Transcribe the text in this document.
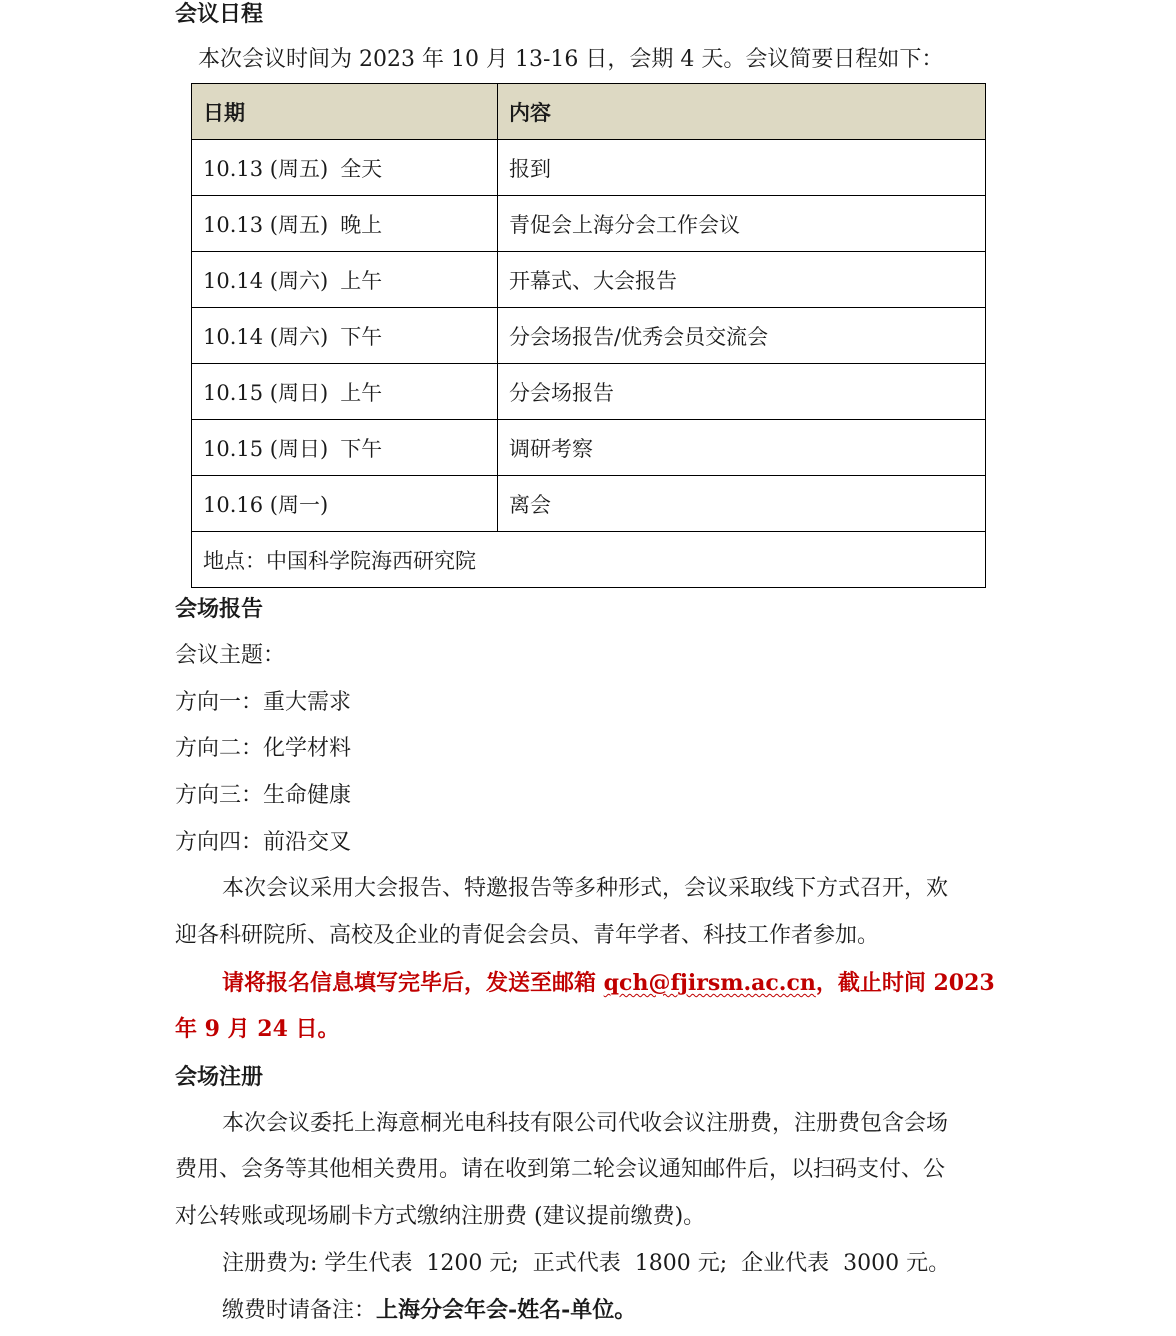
会议日程

本次会议时间为 2023 年 10 月 13-16 日，会期 4 天。会议简要日程如下：

日期	内容
10.13 (周五) 全天	报到
10.13 (周五) 晚上	青促会上海分会工作会议
10.14 (周六) 上午	开幕式、大会报告
10.14 (周六) 下午	分会场报告/优秀会员交流会
10.15 (周日) 上午	分会场报告
10.15 (周日) 下午	调研考察
10.16 (周一)	离会
地点：中国科学院海西研究院	
会场报告

会议主题：

方向一：重大需求

方向二：化学材料

方向三：生命健康

方向四：前沿交叉

本次会议采用大会报告、特邀报告等多种形式，会议采取线下方式召开，欢

迎各科研院所、高校及企业的青促会会员、青年学者、科技工作者参加。

请将报名信息填写完毕后，发送至邮箱 qch@fjirsm.ac.cn，截止时间 2023

年 9 月 24 日。

会场注册

本次会议委托上海意桐光电科技有限公司代收会议注册费，注册费包含会场

费用、会务等其他相关费用。请在收到第二轮会议通知邮件后，以扫码支付、公

对公转账或现场刷卡方式缴纳注册费 (建议提前缴费)。

注册费为: 学生代表  1200 元;  正式代表  1800 元;  企业代表  3000 元。

缴费时请备注：上海分会年会-姓名-单位。
